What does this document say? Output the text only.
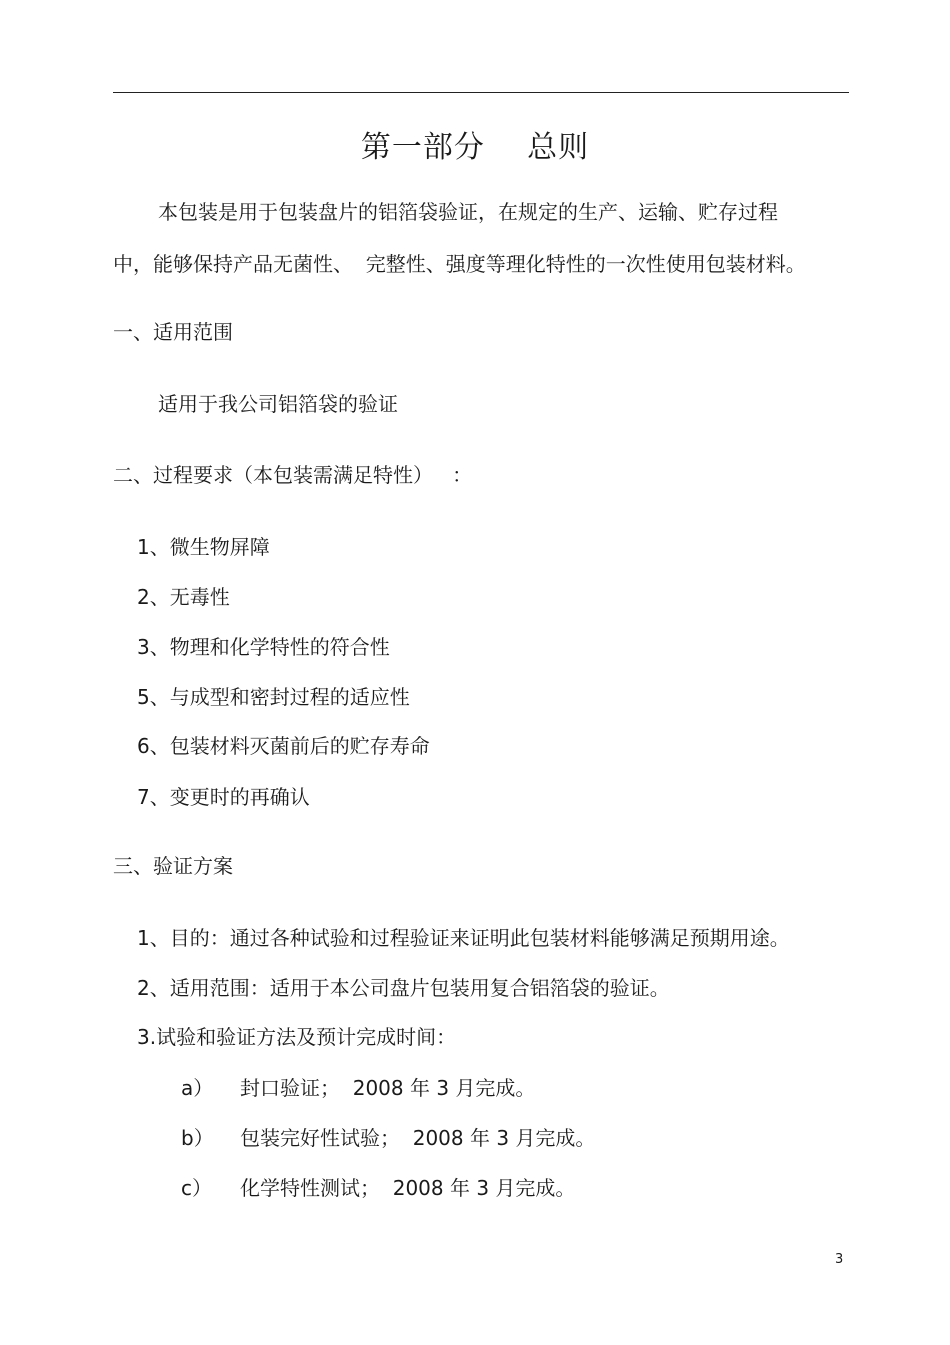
第一部分    总则
本包装是用于包装盘片的铝箔袋验证，在规定的生产、运输、贮存过程
中，能够保持产品无菌性、  完整性、强度等理化特性的一次性使用包装材料。
一、适用范围
适用于我公司铝箔袋的验证
二、过程要求（本包装需满足特性）   ：
1、微生物屏障
2、无毒性
3、物理和化学特性的符合性
5、与成型和密封过程的适应性
6、包装材料灭菌前后的贮存寿命
7、变更时的再确认
三、验证方案
1、目的：通过各种试验和过程验证来证明此包装材料能够满足预期用途。
2、适用范围：适用于本公司盘片包装用复合铝箔袋的验证。
3.试验和验证方法及预计完成时间：
a） 封口验证；  2008 年 3 月完成。
b） 包装完好性试验；  2008 年 3 月完成。
c） 化学特性测试；  2008 年 3 月完成。
3
